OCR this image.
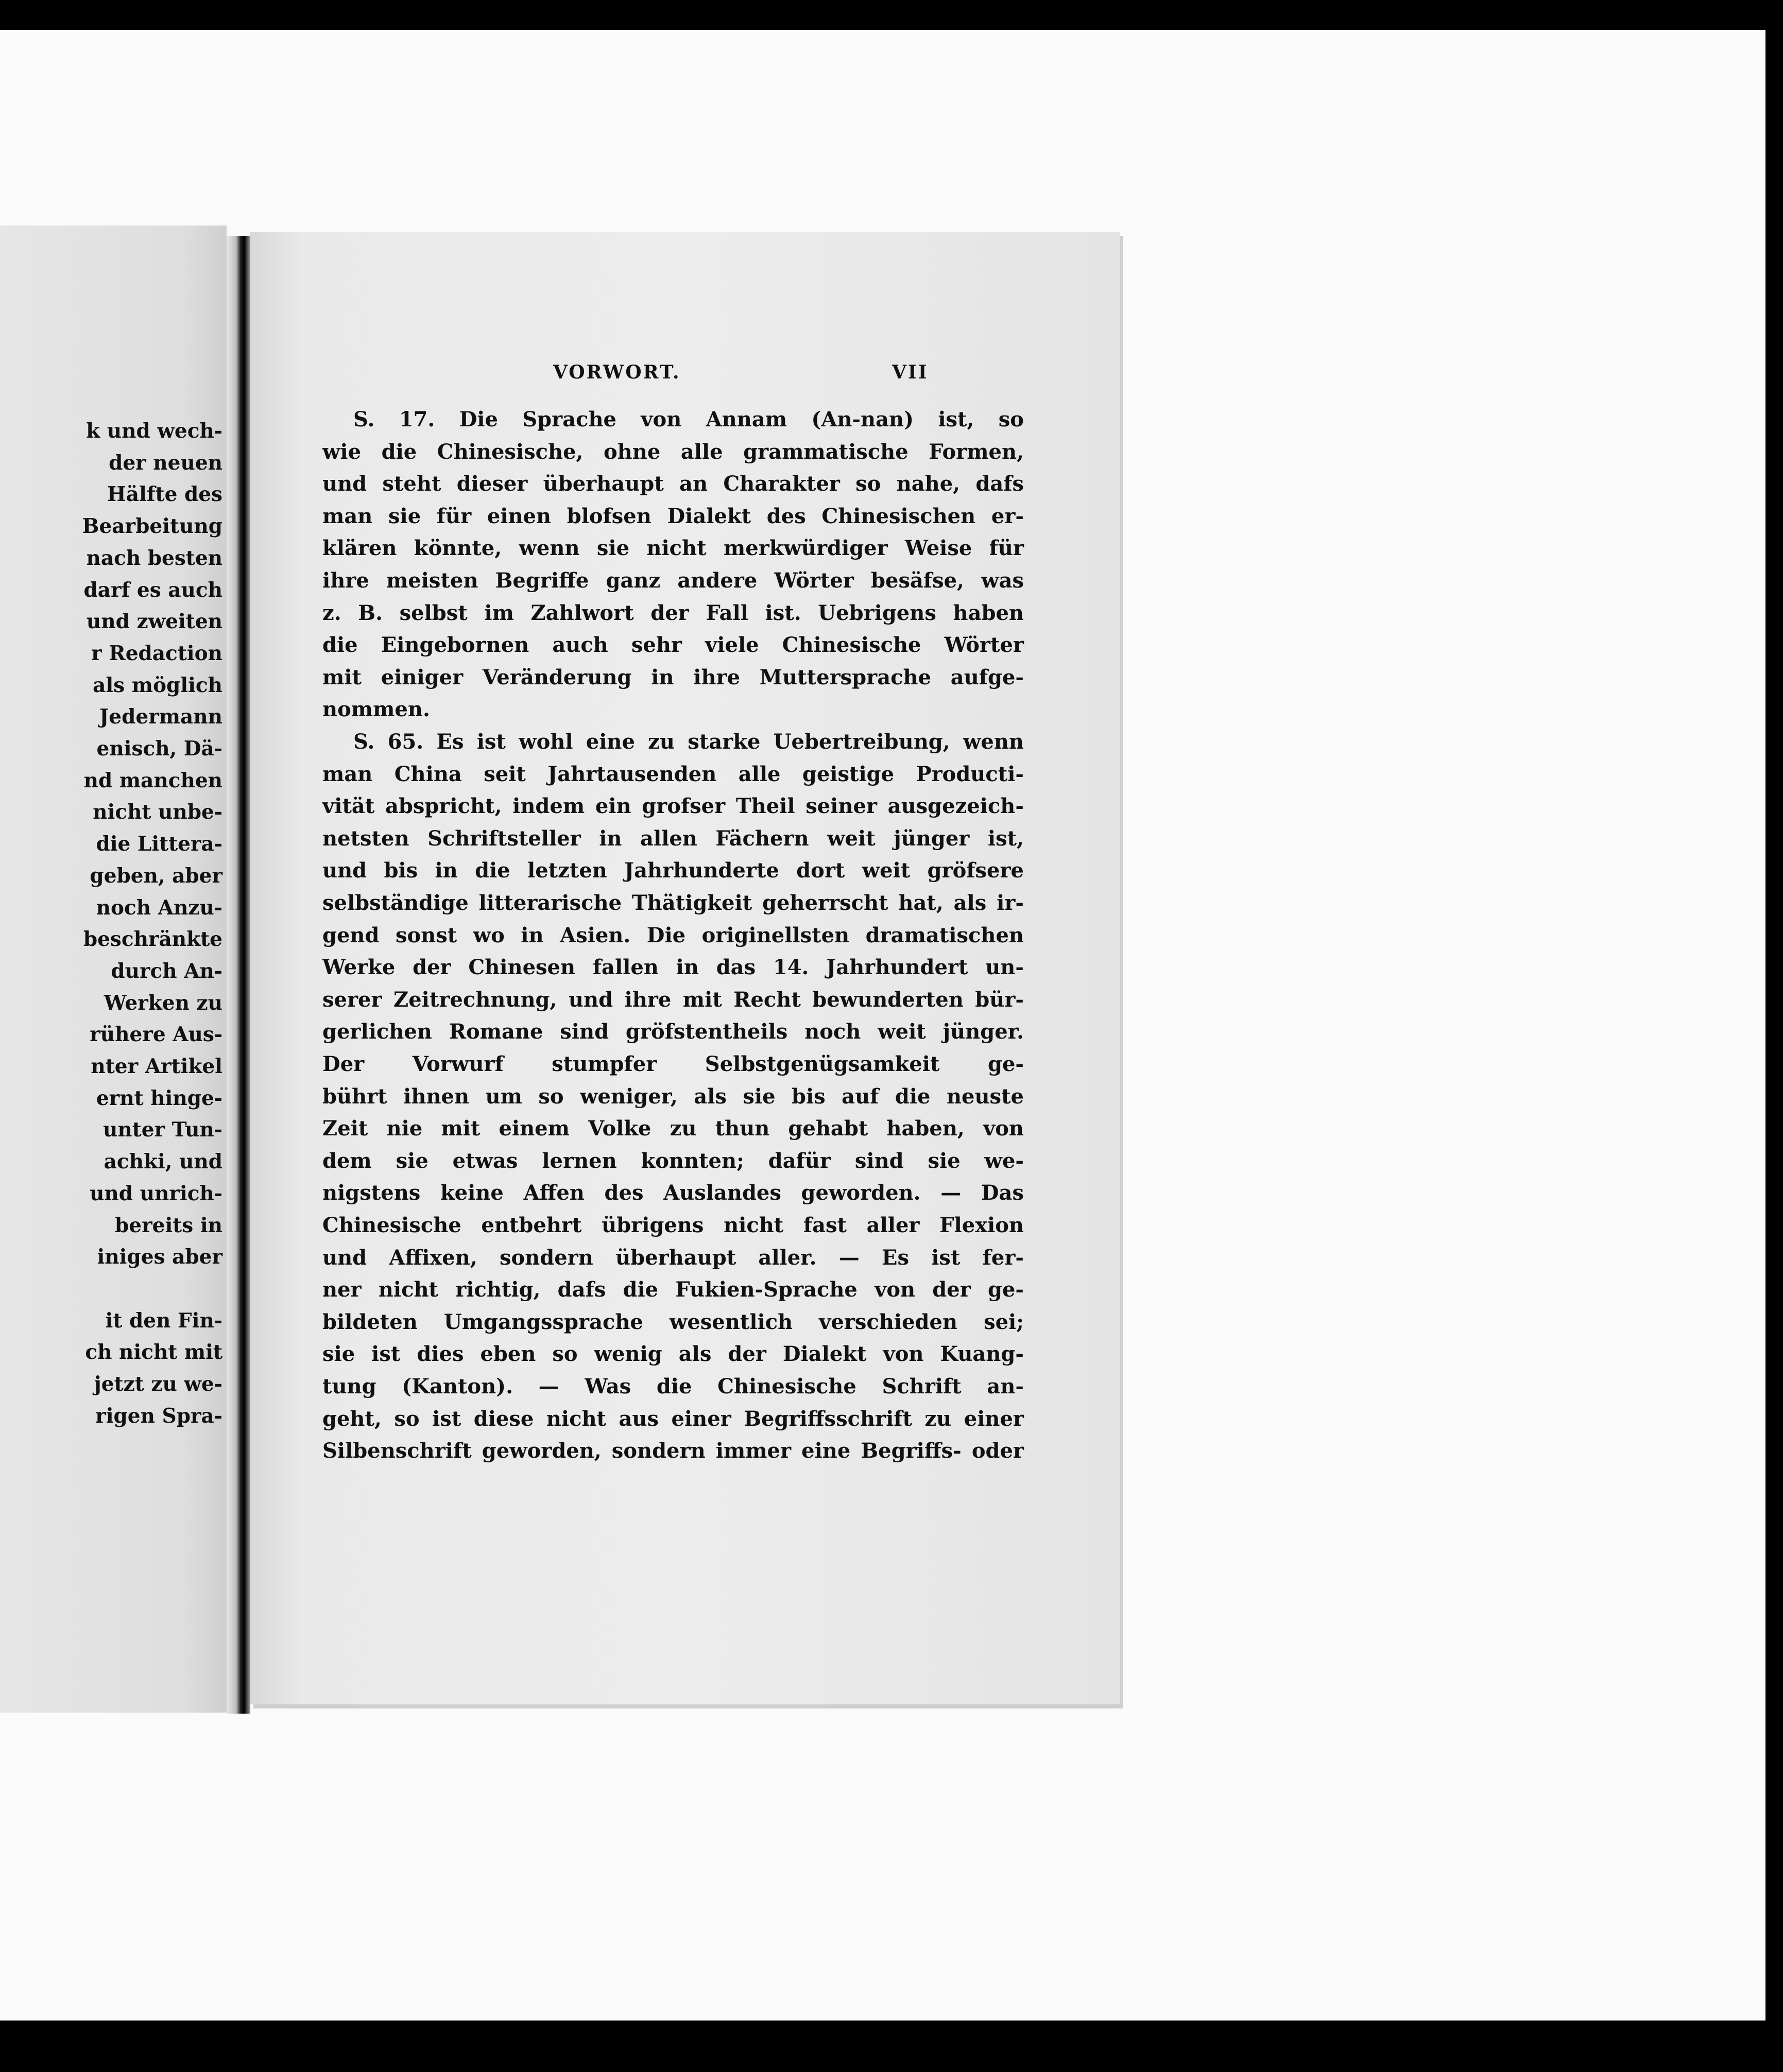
k und wech-
der neuen
Hälfte des
Bearbeitung
nach besten
darf es auch
und zweiten
r Redaction
als möglich
Jedermann
enisch, Dä-
nd manchen
nicht unbe-
die Littera-
geben, aber
noch Anzu-
beschränkte
durch An-
Werken zu
rühere Aus-
nter Artikel
ernt hinge-
unter Tun-
achki, und
und unrich-
bereits in
iniges aber
it den Fin-
ch nicht mit
jetzt zu we-
rigen Spra-
VORWORT.	VII
S. 17. Die Sprache von Annam (An-nan) ist, so
wie die Chinesische, ohne alle grammatische Formen,
und steht dieser überhaupt an Charakter so nahe, dafs
man sie für einen blofsen Dialekt des Chinesischen er-
klären könnte, wenn sie nicht merkwürdiger Weise für
ihre meisten Begriffe ganz andere Wörter besäfse, was
z. B. selbst im Zahlwort der Fall ist. Uebrigens haben
die Eingebornen auch sehr viele Chinesische Wörter
mit einiger Veränderung in ihre Muttersprache aufge-
nommen.
S. 65. Es ist wohl eine zu starke Uebertreibung, wenn
man China seit Jahrtausenden alle geistige Producti-
vität abspricht, indem ein grofser Theil seiner ausgezeich-
netsten Schriftsteller in allen Fächern weit jünger ist,
und bis in die letzten Jahrhunderte dort weit gröfsere
selbständige litterarische Thätigkeit geherrscht hat, als ir-
gend sonst wo in Asien. Die originellsten dramatischen
Werke der Chinesen fallen in das 14. Jahrhundert un-
serer Zeitrechnung, und ihre mit Recht bewunderten bür-
gerlichen Romane sind gröfstentheils noch weit jünger.
Der Vorwurf stumpfer Selbstgenügsamkeit ge-
bührt ihnen um so weniger, als sie bis auf die neuste
Zeit nie mit einem Volke zu thun gehabt haben, von
dem sie etwas lernen konnten; dafür sind sie we-
nigstens keine Affen des Auslandes geworden. — Das
Chinesische entbehrt übrigens nicht fast aller Flexion
und Affixen, sondern überhaupt aller. — Es ist fer-
ner nicht richtig, dafs die Fukien-Sprache von der ge-
bildeten Umgangssprache wesentlich verschieden sei;
sie ist dies eben so wenig als der Dialekt von Kuang-
tung (Kanton). — Was die Chinesische Schrift an-
geht, so ist diese nicht aus einer Begriffsschrift zu einer
Silbenschrift geworden, sondern immer eine Begriffs- oder
